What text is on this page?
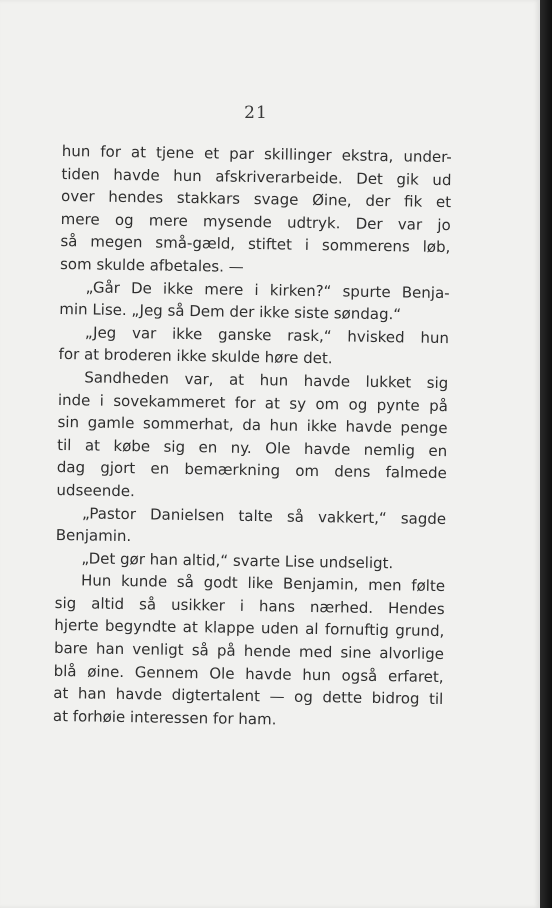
21
hun for at tjene et par skillinger ekstra, under-
tiden havde hun afskriverarbeide. Det gik ud
over hendes stakkars svage Øine, der fik et
mere og mere mysende udtryk. Der var jo
så megen små-gæld, stiftet i sommerens løb,
som skulde afbetales. —
„Går De ikke mere i kirken?“ spurte Benja-
min Lise. „Jeg så Dem der ikke siste søndag.“
„Jeg var ikke ganske rask,“ hvisked hun
for at broderen ikke skulde høre det.
Sandheden var, at hun havde lukket sig
inde i sovekammeret for at sy om og pynte på
sin gamle sommerhat, da hun ikke havde penge
til at købe sig en ny. Ole havde nemlig en
dag gjort en bemærkning om dens falmede
udseende.
„Pastor Danielsen talte så vakkert,“ sagde
Benjamin.
„Det gør han altid,“ svarte Lise undseligt.
Hun kunde så godt like Benjamin, men følte
sig altid så usikker i hans nærhed. Hendes
hjerte begyndte at klappe uden al fornuftig grund,
bare han venligt så på hende med sine alvorlige
blå øine. Gennem Ole havde hun også erfaret,
at han havde digtertalent — og dette bidrog til
at forhøie interessen for ham.
